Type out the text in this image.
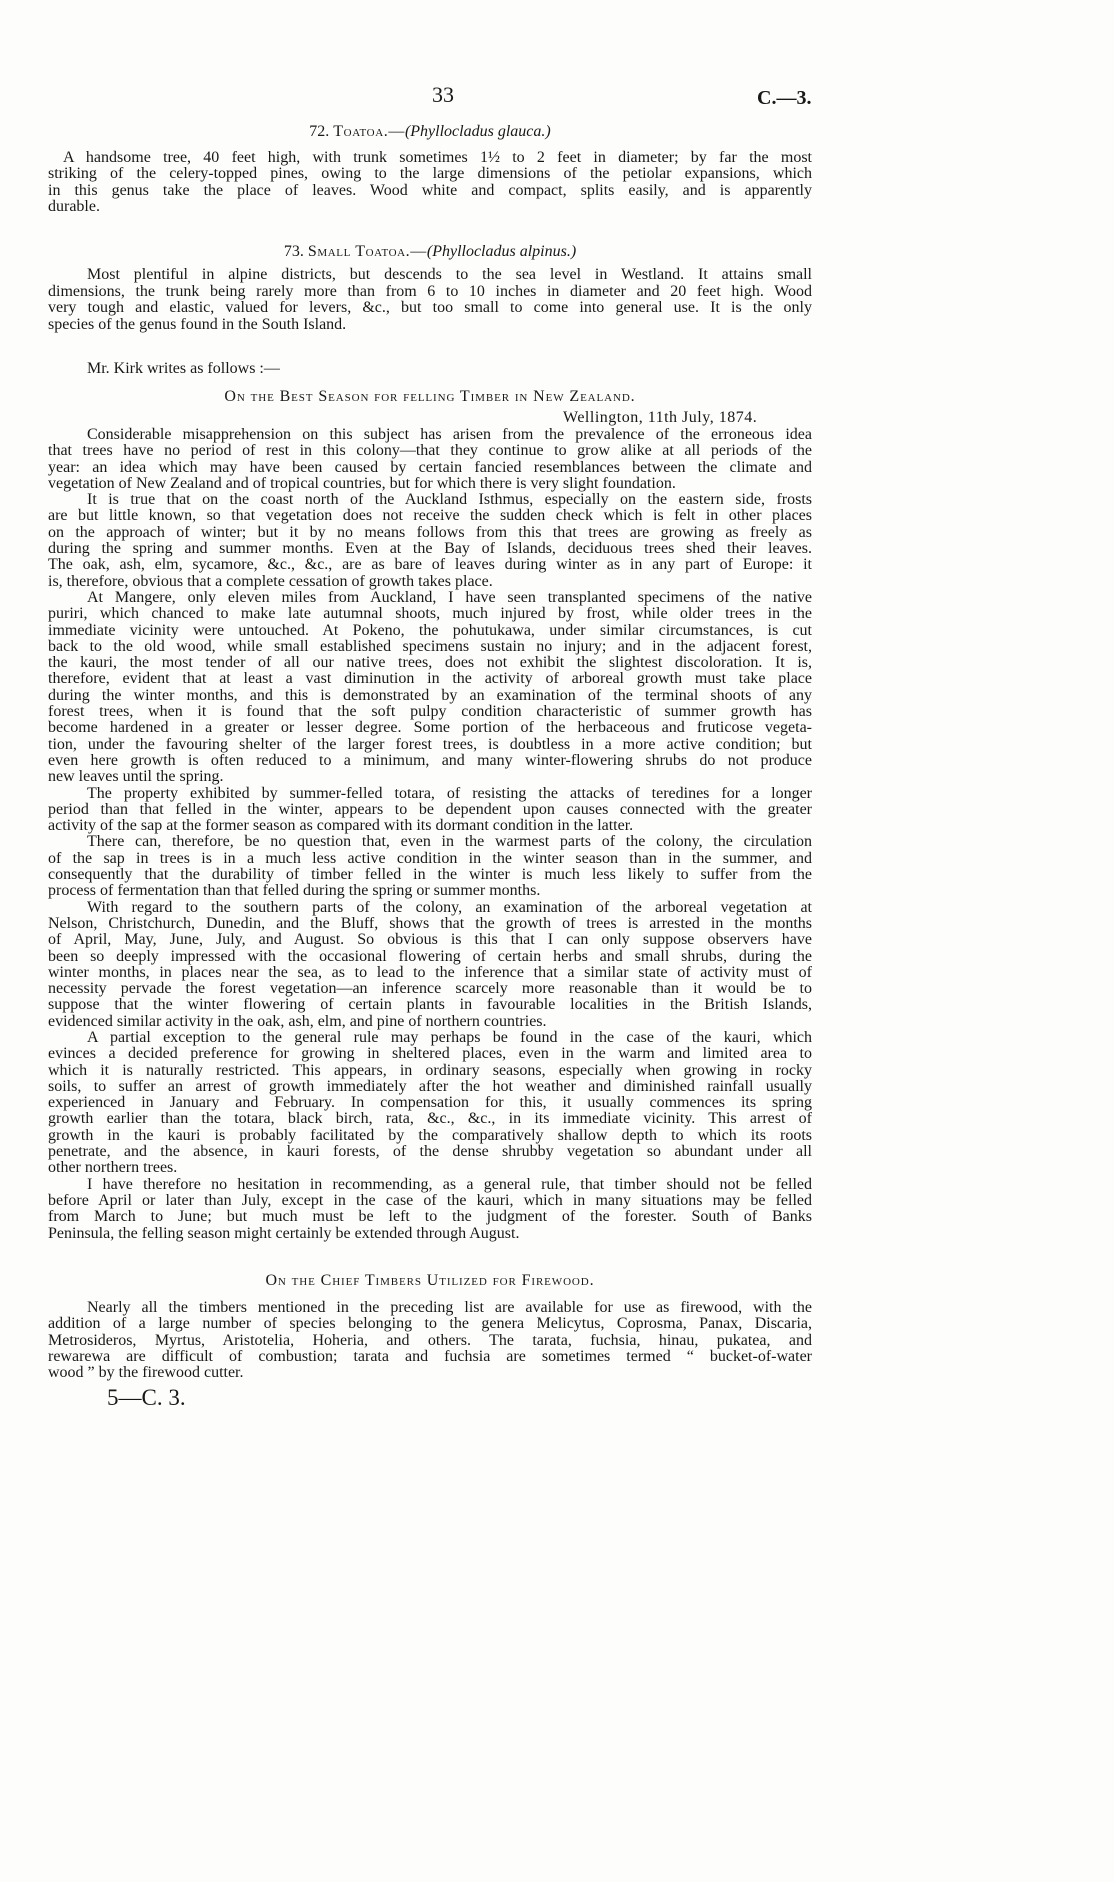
33	C.—3.
72. Toatoa.—(Phyllocladus glauca.)
A handsome tree, 40 feet high, with trunk sometimes 1½ to 2 feet in diameter; by far the most
striking of the celery-topped pines, owing to the large dimensions of the petiolar expansions, which
in this genus take the place of leaves. Wood white and compact, splits easily, and is apparently
durable.
73. Small Toatoa.—(Phyllocladus alpinus.)
Most plentiful in alpine districts, but descends to the sea level in Westland. It attains small
dimensions, the trunk being rarely more than from 6 to 10 inches in diameter and 20 feet high. Wood
very tough and elastic, valued for levers, &c., but too small to come into general use. It is the only
species of the genus found in the South Island.
Mr. Kirk writes as follows :—
On the Best Season for felling Timber in New Zealand.
Wellington, 11th July, 1874.
Considerable misapprehension on this subject has arisen from the prevalence of the erroneous idea
that trees have no period of rest in this colony—that they continue to grow alike at all periods of the
year: an idea which may have been caused by certain fancied resemblances between the climate and
vegetation of New Zealand and of tropical countries, but for which there is very slight foundation.
It is true that on the coast north of the Auckland Isthmus, especially on the eastern side, frosts
are but little known, so that vegetation does not receive the sudden check which is felt in other places
on the approach of winter; but it by no means follows from this that trees are growing as freely as
during the spring and summer months. Even at the Bay of Islands, deciduous trees shed their leaves.
The oak, ash, elm, sycamore, &c., &c., are as bare of leaves during winter as in any part of Europe: it
is, therefore, obvious that a complete cessation of growth takes place.
At Mangere, only eleven miles from Auckland, I have seen transplanted specimens of the native
puriri, which chanced to make late autumnal shoots, much injured by frost, while older trees in the
immediate vicinity were untouched. At Pokeno, the pohutukawa, under similar circumstances, is cut
back to the old wood, while small established specimens sustain no injury; and in the adjacent forest,
the kauri, the most tender of all our native trees, does not exhibit the slightest discoloration. It is,
therefore, evident that at least a vast diminution in the activity of arboreal growth must take place
during the winter months, and this is demonstrated by an examination of the terminal shoots of any
forest trees, when it is found that the soft pulpy condition characteristic of summer growth has
become hardened in a greater or lesser degree. Some portion of the herbaceous and fruticose vegeta-
tion, under the favouring shelter of the larger forest trees, is doubtless in a more active condition; but
even here growth is often reduced to a minimum, and many winter-flowering shrubs do not produce
new leaves until the spring.
The property exhibited by summer-felled totara, of resisting the attacks of teredines for a longer
period than that felled in the winter, appears to be dependent upon causes connected with the greater
activity of the sap at the former season as compared with its dormant condition in the latter.
There can, therefore, be no question that, even in the warmest parts of the colony, the circulation
of the sap in trees is in a much less active condition in the winter season than in the summer, and
consequently that the durability of timber felled in the winter is much less likely to suffer from the
process of fermentation than that felled during the spring or summer months.
With regard to the southern parts of the colony, an examination of the arboreal vegetation at
Nelson, Christchurch, Dunedin, and the Bluff, shows that the growth of trees is arrested in the months
of April, May, June, July, and August. So obvious is this that I can only suppose observers have
been so deeply impressed with the occasional flowering of certain herbs and small shrubs, during the
winter months, in places near the sea, as to lead to the inference that a similar state of activity must of
necessity pervade the forest vegetation—an inference scarcely more reasonable than it would be to
suppose that the winter flowering of certain plants in favourable localities in the British Islands,
evidenced similar activity in the oak, ash, elm, and pine of northern countries.
A partial exception to the general rule may perhaps be found in the case of the kauri, which
evinces a decided preference for growing in sheltered places, even in the warm and limited area to
which it is naturally restricted. This appears, in ordinary seasons, especially when growing in rocky
soils, to suffer an arrest of growth immediately after the hot weather and diminished rainfall usually
experienced in January and February. In compensation for this, it usually commences its spring
growth earlier than the totara, black birch, rata, &c., &c., in its immediate vicinity. This arrest of
growth in the kauri is probably facilitated by the comparatively shallow depth to which its roots
penetrate, and the absence, in kauri forests, of the dense shrubby vegetation so abundant under all
other northern trees.
I have therefore no hesitation in recommending, as a general rule, that timber should not be felled
before April or later than July, except in the case of the kauri, which in many situations may be felled
from March to June; but much must be left to the judgment of the forester. South of Banks
Peninsula, the felling season might certainly be extended through August.
On the Chief Timbers Utilized for Firewood.
Nearly all the timbers mentioned in the preceding list are available for use as firewood, with the
addition of a large number of species belonging to the genera Melicytus, Coprosma, Panax, Discaria,
Metrosideros, Myrtus, Aristotelia, Hoheria, and others. The tarata, fuchsia, hinau, pukatea, and
rewarewa are difficult of combustion; tarata and fuchsia are sometimes termed “ bucket-of-water
wood ” by the firewood cutter.
5—C. 3.
